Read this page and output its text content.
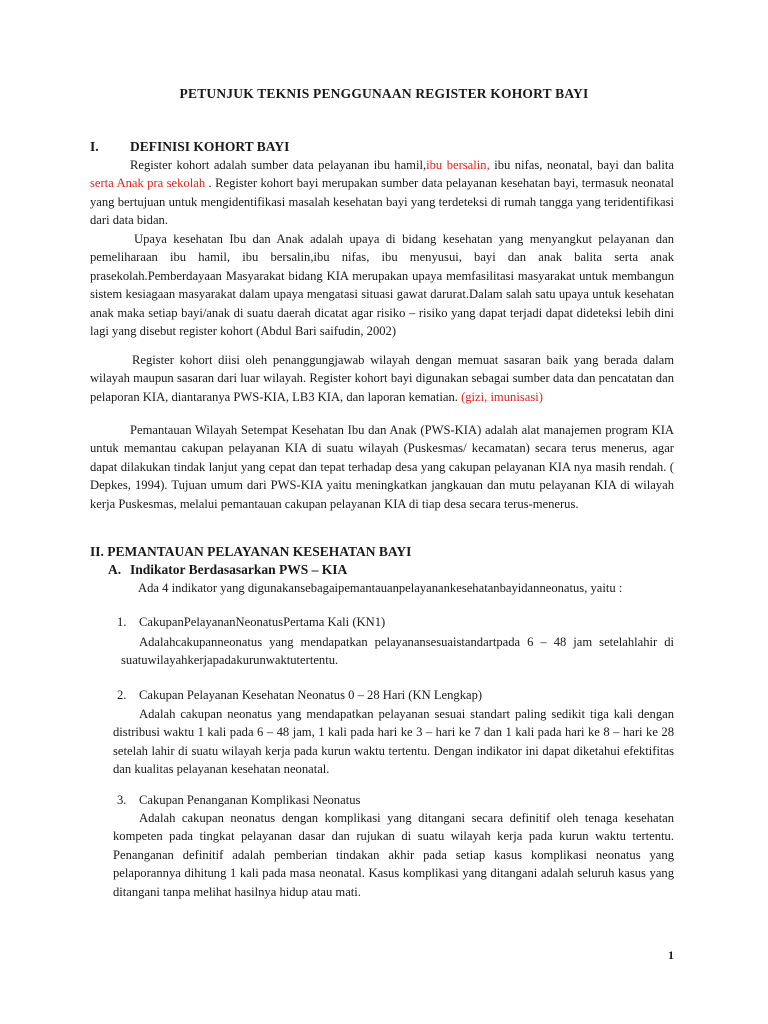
PETUNJUK TEKNIS PENGGUNAAN REGISTER KOHORT BAYI
I. DEFINISI KOHORT BAYI

Register kohort adalah sumber data pelayanan ibu hamil,ibu bersalin, ibu nifas, neonatal, bayi dan balita serta Anak pra sekolah . Register kohort bayi merupakan sumber data pelayanan kesehatan bayi, termasuk neonatal yang bertujuan untuk mengidentifikasi masalah kesehatan bayi yang terdeteksi di rumah tangga yang teridentifikasi dari data bidan.

Upaya kesehatan Ibu dan Anak adalah upaya di bidang kesehatan yang menyangkut pelayanan dan pemeliharaan ibu hamil, ibu bersalin,ibu nifas, ibu menyusui, bayi dan anak balita serta anak prasekolah.Pemberdayaan Masyarakat bidang KIA merupakan upaya memfasilitasi masyarakat untuk membangun sistem kesiagaan masyarakat dalam upaya mengatasi situasi gawat darurat.Dalam salah satu upaya untuk kesehatan anak maka setiap bayi/anak di suatu daerah dicatat agar risiko – risiko yang dapat terjadi dapat dideteksi lebih dini lagi yang disebut register kohort (Abdul Bari saifudin, 2002)

Register kohort diisi oleh penanggungjawab wilayah dengan memuat sasaran baik yang berada dalam wilayah maupun sasaran dari luar wilayah. Register kohort bayi digunakan sebagai sumber data dan pencatatan dan pelaporan KIA, diantaranya PWS-KIA, LB3 KIA, dan laporan kematian. (gizi, imunisasi)

Pemantauan Wilayah Setempat Kesehatan Ibu dan Anak (PWS-KIA) adalah alat manajemen program KIA untuk memantau cakupan pelayanan KIA di suatu wilayah (Puskesmas/ kecamatan) secara terus menerus, agar dapat dilakukan tindak lanjut yang cepat dan tepat terhadap desa yang cakupan pelayanan KIA nya masih rendah. ( Depkes, 1994). Tujuan umum dari PWS-KIA yaitu meningkatkan jangkauan dan mutu pelayanan KIA di wilayah kerja Puskesmas, melalui pemantauan cakupan pelayanan KIA di tiap desa secara terus-menerus.

II. PEMANTAUAN PELAYANAN KESEHATAN BAYI
A. Indikator Berdasasarkan PWS – KIA

Ada 4 indikator yang digunakansebagaipemantauanpelayanankesehatanbayidanneonatus, yaitu :

1. CakupanPelayananNeonatusPertama Kali (KN1)

Adalahcakupanneonatus yang mendapatkan pelayanansesuaistandartpada 6 – 48 jam setelahlahir di suatuwilayahkerjapadakurunwaktutertentu.

2. Cakupan Pelayanan Kesehatan Neonatus 0 – 28 Hari (KN Lengkap)

Adalah cakupan neonatus yang mendapatkan pelayanan sesuai standart paling sedikit tiga kali dengan distribusi waktu 1 kali pada 6 – 48 jam, 1 kali pada hari ke 3 – hari ke 7 dan 1 kali pada hari ke 8 – hari ke 28 setelah lahir di suatu wilayah kerja pada kurun waktu tertentu. Dengan indikator ini dapat diketahui efektifitas dan kualitas pelayanan kesehatan neonatal.

3. Cakupan Penanganan Komplikasi Neonatus

Adalah cakupan neonatus dengan komplikasi yang ditangani secara definitif oleh tenaga kesehatan kompeten pada tingkat pelayanan dasar dan rujukan di suatu wilayah kerja pada kurun waktu tertentu. Penanganan definitif adalah pemberian tindakan akhir pada setiap kasus komplikasi neonatus yang pelaporannya dihitung 1 kali pada masa neonatal. Kasus komplikasi yang ditangani adalah seluruh kasus yang ditangani tanpa melihat hasilnya hidup atau mati.

1
